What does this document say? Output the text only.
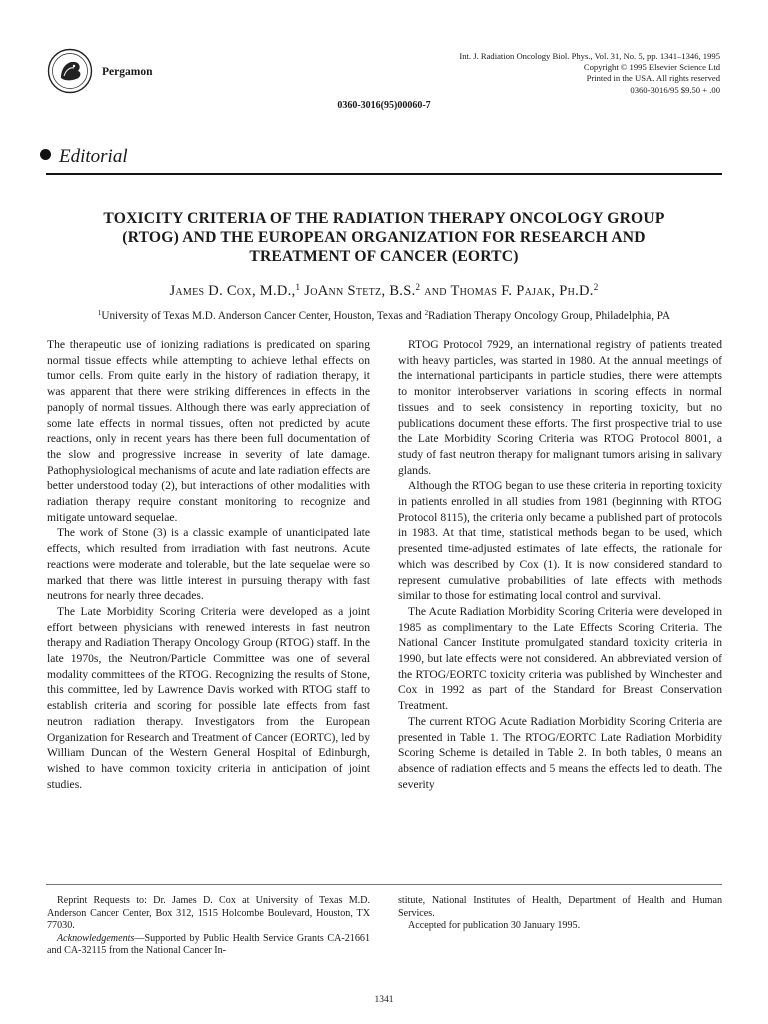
Pergamon
Int. J. Radiation Oncology Biol. Phys., Vol. 31, No. 5, pp. 1341–1346, 1995
Copyright © 1995 Elsevier Science Ltd
Printed in the USA. All rights reserved
0360-3016/95 $9.50 + .00
0360-3016(95)00060-7
Editorial
TOXICITY CRITERIA OF THE RADIATION THERAPY ONCOLOGY GROUP
(RTOG) AND THE EUROPEAN ORGANIZATION FOR RESEARCH AND
TREATMENT OF CANCER (EORTC)
James D. Cox, M.D.,$^1$ JoAnn Stetz, B.S.$^2$ and Thomas F. Pajak, Ph.D.$^2$
$^1$University of Texas M.D. Anderson Cancer Center, Houston, Texas and $^2$Radiation Therapy Oncology Group, Philadelphia, PA

The therapeutic use of ionizing radiations is predicated on sparing normal tissue effects while attempting to achieve lethal effects on tumor cells. From quite early in the history of radiation therapy, it was apparent that there were striking differences in effects in the panoply of normal tissues. Although there was early appreciation of some late effects in normal tissues, often not predicted by acute reactions, only in recent years has there been full documentation of the slow and progressive increase in severity of late damage. Pathophysiological mechanisms of acute and late radiation effects are better understood today (2), but interactions of other modalities with radiation therapy require constant monitoring to recognize and mitigate untoward sequelae.

The work of Stone (3) is a classic example of unanticipated late effects, which resulted from irradiation with fast neutrons. Acute reactions were moderate and tolerable, but the late sequelae were so marked that there was little interest in pursuing therapy with fast neutrons for nearly three decades.

The Late Morbidity Scoring Criteria were developed as a joint effort between physicians with renewed interests in fast neutron therapy and Radiation Therapy Oncology Group (RTOG) staff. In the late 1970s, the Neutron/Particle Committee was one of several modality committees of the RTOG. Recognizing the results of Stone, this committee, led by Lawrence Davis worked with RTOG staff to establish criteria and scoring for possible late effects from fast neutron radiation therapy. Investigators from the European Organization for Research and Treatment of Cancer (EORTC), led by William Duncan of the Western General Hospital of Edinburgh, wished to have common toxicity criteria in anticipation of joint studies.

RTOG Protocol 7929, an international registry of patients treated with heavy particles, was started in 1980. At the annual meetings of the international participants in particle studies, there were attempts to monitor interobserver variations in scoring effects in normal tissues and to seek consistency in reporting toxicity, but no publications document these efforts. The first prospective trial to use the Late Morbidity Scoring Criteria was RTOG Protocol 8001, a study of fast neutron therapy for malignant tumors arising in salivary glands.

Although the RTOG began to use these criteria in reporting toxicity in patients enrolled in all studies from 1981 (beginning with RTOG Protocol 8115), the criteria only became a published part of protocols in 1983. At that time, statistical methods began to be used, which presented time-adjusted estimates of late effects, the rationale for which was described by Cox (1). It is now considered standard to represent cumulative probabilities of late effects with methods similar to those for estimating local control and survival.

The Acute Radiation Morbidity Scoring Criteria were developed in 1985 as complimentary to the Late Effects Scoring Criteria. The National Cancer Institute promulgated standard toxicity criteria in 1990, but late effects were not considered. An abbreviated version of the RTOG/EORTC toxicity criteria was published by Winchester and Cox in 1992 as part of the Standard for Breast Conservation Treatment.

The current RTOG Acute Radiation Morbidity Scoring Criteria are presented in Table 1. The RTOG/EORTC Late Radiation Morbidity Scoring Scheme is detailed in Table 2. In both tables, 0 means an absence of radiation effects and 5 means the effects led to death. The severity

Reprint Requests to: Dr. James D. Cox at University of Texas M.D. Anderson Cancer Center, Box 312, 1515 Holcombe Boulevard, Houston, TX 77030.

Acknowledgements—Supported by Public Health Service Grants CA-21661 and CA-32115 from the National Cancer In-

stitute, National Institutes of Health, Department of Health and Human Services.

Accepted for publication 30 January 1995.

1341
